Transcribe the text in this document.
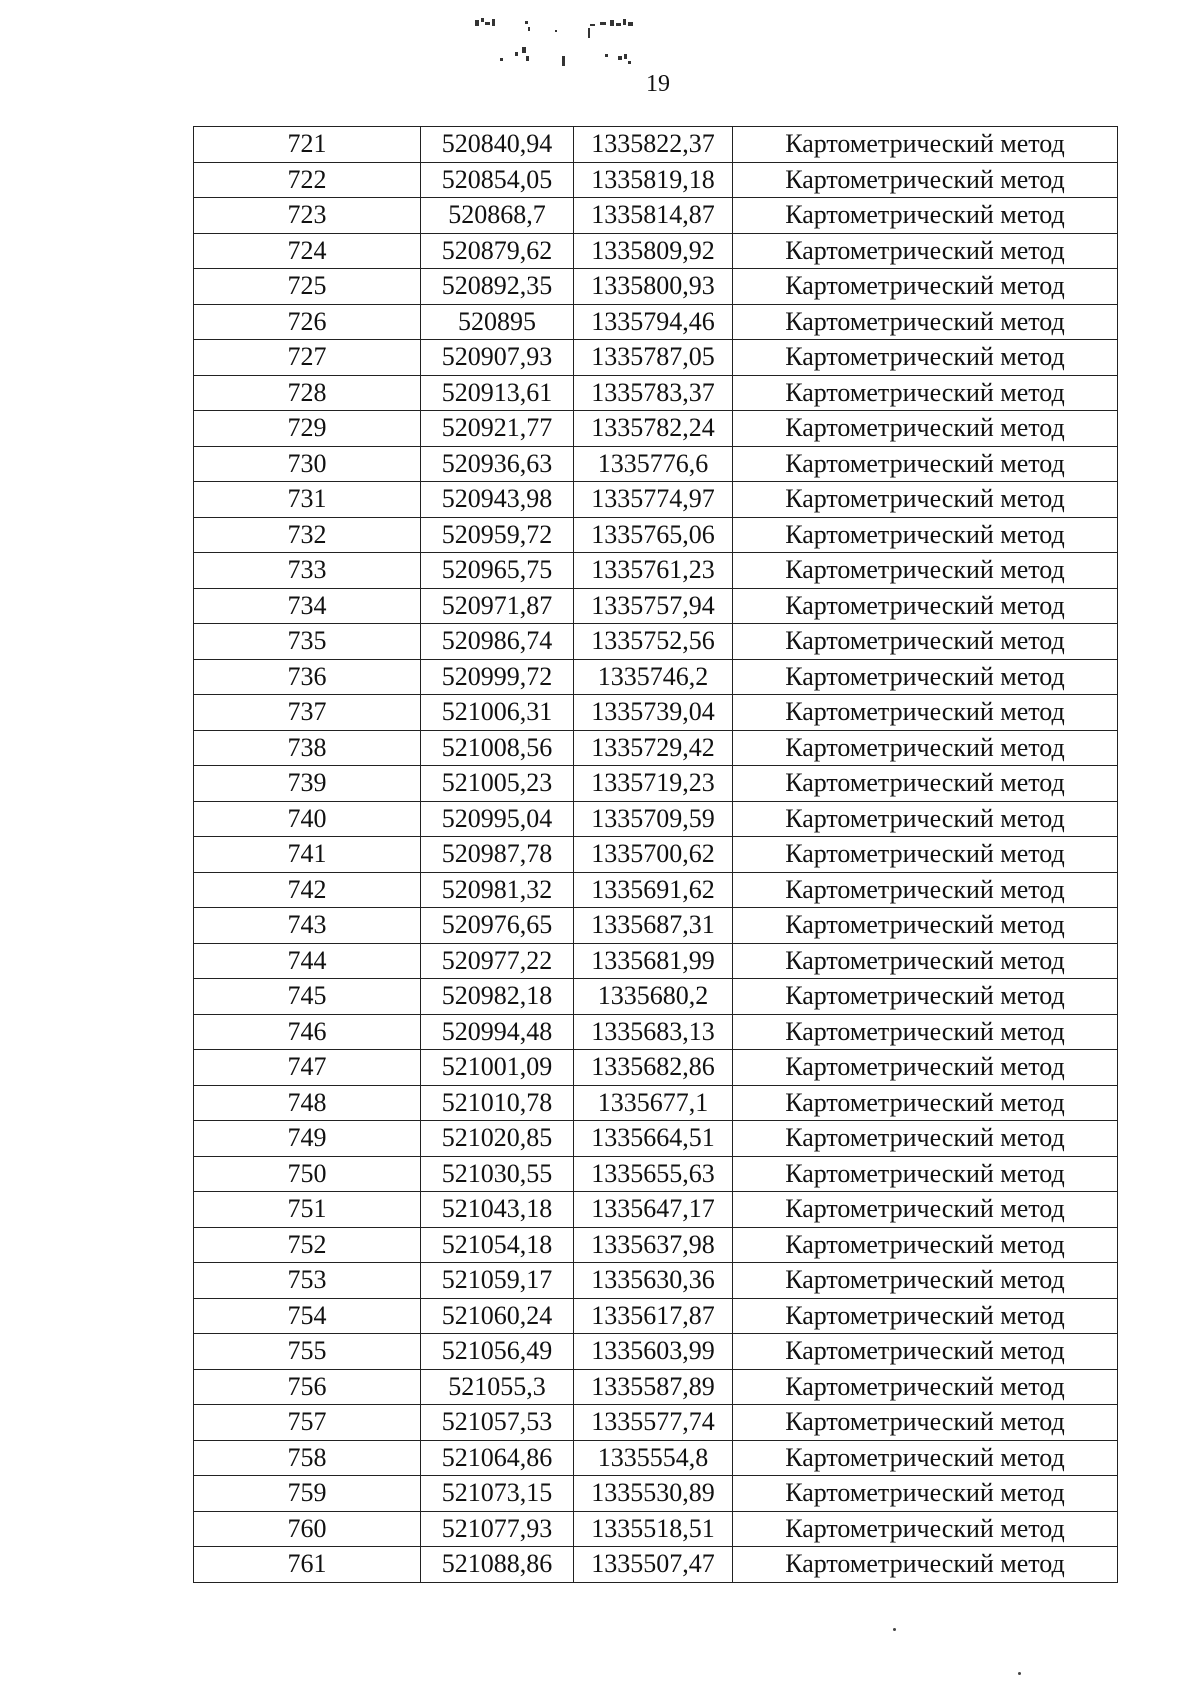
19
721	520840,94	1335822,37	Картометрический метод
722	520854,05	1335819,18	Картометрический метод
723	520868,7	1335814,87	Картометрический метод
724	520879,62	1335809,92	Картометрический метод
725	520892,35	1335800,93	Картометрический метод
726	520895	1335794,46	Картометрический метод
727	520907,93	1335787,05	Картометрический метод
728	520913,61	1335783,37	Картометрический метод
729	520921,77	1335782,24	Картометрический метод
730	520936,63	1335776,6	Картометрический метод
731	520943,98	1335774,97	Картометрический метод
732	520959,72	1335765,06	Картометрический метод
733	520965,75	1335761,23	Картометрический метод
734	520971,87	1335757,94	Картометрический метод
735	520986,74	1335752,56	Картометрический метод
736	520999,72	1335746,2	Картометрический метод
737	521006,31	1335739,04	Картометрический метод
738	521008,56	1335729,42	Картометрический метод
739	521005,23	1335719,23	Картометрический метод
740	520995,04	1335709,59	Картометрический метод
741	520987,78	1335700,62	Картометрический метод
742	520981,32	1335691,62	Картометрический метод
743	520976,65	1335687,31	Картометрический метод
744	520977,22	1335681,99	Картометрический метод
745	520982,18	1335680,2	Картометрический метод
746	520994,48	1335683,13	Картометрический метод
747	521001,09	1335682,86	Картометрический метод
748	521010,78	1335677,1	Картометрический метод
749	521020,85	1335664,51	Картометрический метод
750	521030,55	1335655,63	Картометрический метод
751	521043,18	1335647,17	Картометрический метод
752	521054,18	1335637,98	Картометрический метод
753	521059,17	1335630,36	Картометрический метод
754	521060,24	1335617,87	Картометрический метод
755	521056,49	1335603,99	Картометрический метод
756	521055,3	1335587,89	Картометрический метод
757	521057,53	1335577,74	Картометрический метод
758	521064,86	1335554,8	Картометрический метод
759	521073,15	1335530,89	Картометрический метод
760	521077,93	1335518,51	Картометрический метод
761	521088,86	1335507,47	Картометрический метод
